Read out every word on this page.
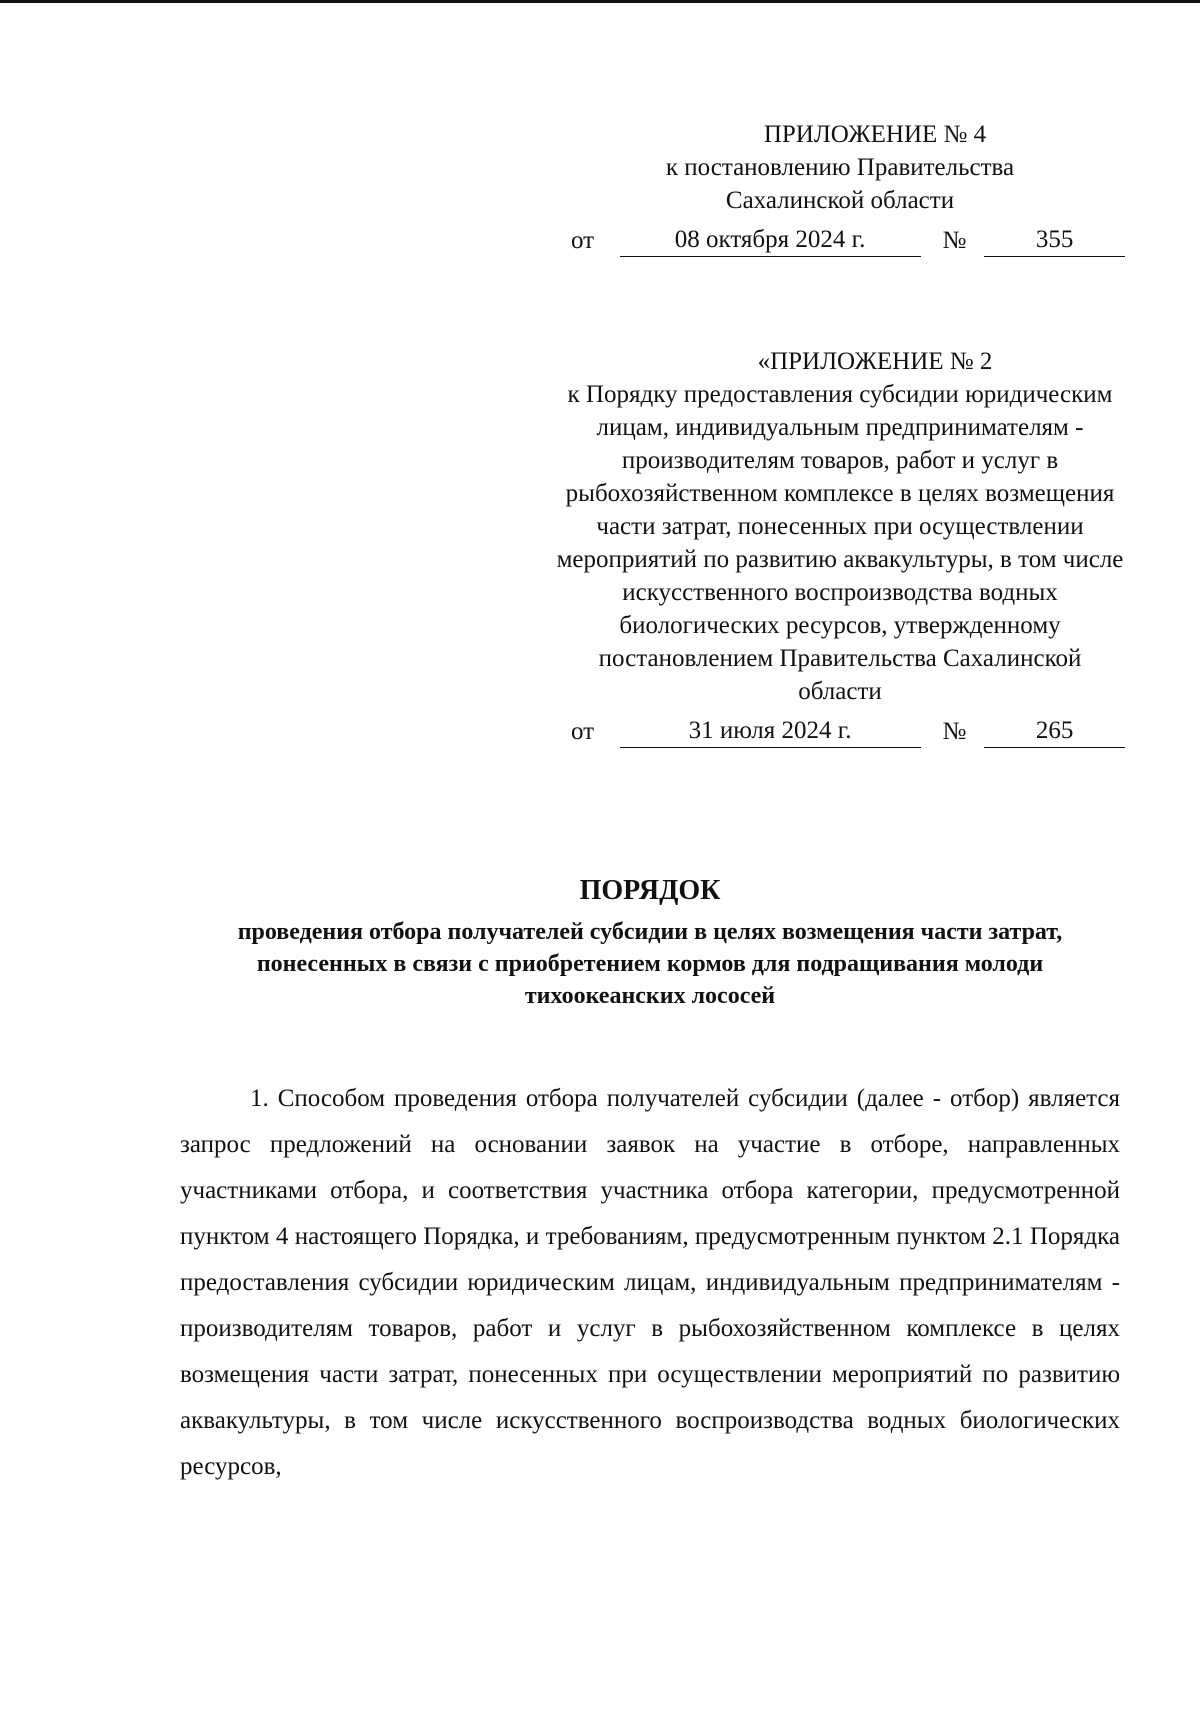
ПРИЛОЖЕНИЕ № 4
к постановлению Правительства
Сахалинской области
от	08 октября 2024 г.	№	355
«ПРИЛОЖЕНИЕ № 2
к Порядку предоставления субсидии юридическим лицам, индивидуальным предпринимателям - производителям товаров, работ и услуг в рыбохозяйственном комплексе в целях возмещения части затрат, понесенных при осуществлении мероприятий по развитию аквакультуры, в том числе искусственного воспроизводства водных биологических ресурсов, утвержденному постановлением Правительства Сахалинской области
от	31 июля 2024 г.	№	265
ПОРЯДОК
проведения отбора получателей субсидии в целях возмещения части затрат, понесенных в связи с приобретением кормов для подращивания молоди тихоокеанских лососей
1. Способом проведения отбора получателей субсидии (далее - отбор) является запрос предложений на основании заявок на участие в отборе, направленных участниками отбора, и соответствия участника отбора категории, предусмотренной пунктом 4 настоящего Порядка, и требованиям, предусмотренным пунктом 2.1 Порядка предоставления субсидии юридическим лицам, индивидуальным предпринимателям - производителям товаров, работ и услуг в рыбохозяйственном комплексе в целях возмещения части затрат, понесенных при осуществлении мероприятий по развитию аквакультуры, в том числе искусственного воспроизводства водных биологических ресурсов,
